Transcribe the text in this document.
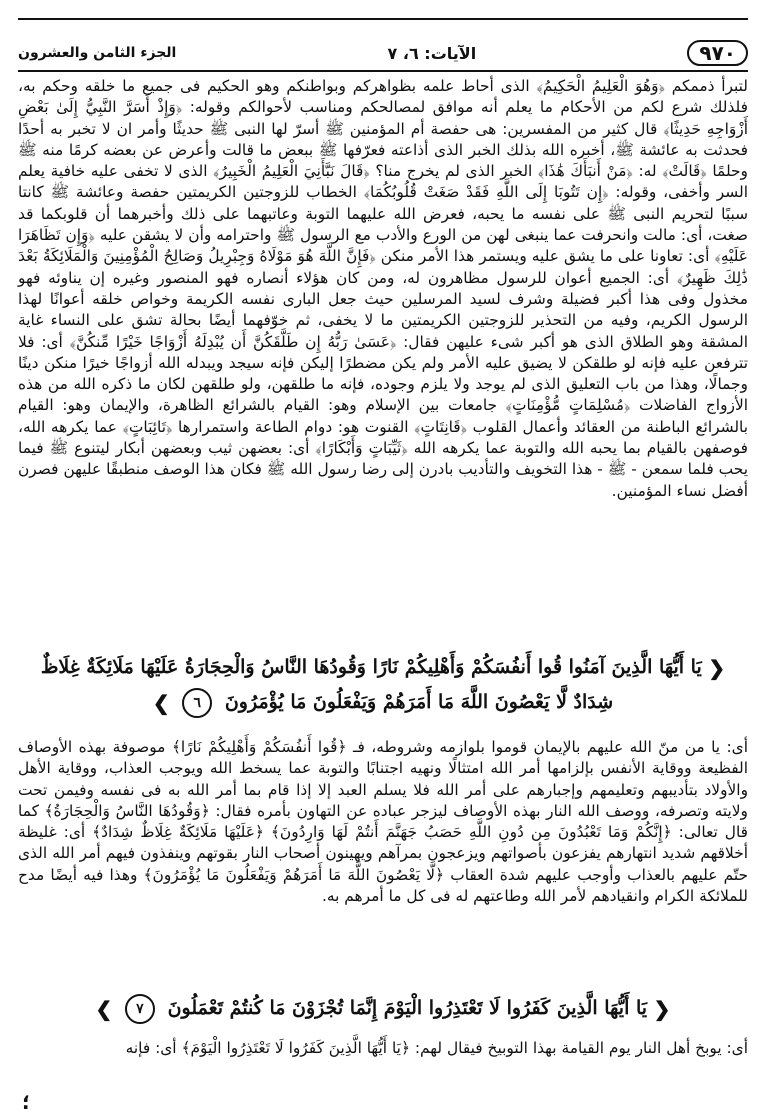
٩٧٠
الآيات: ٦، ٧
الجزء الثامن والعشرون

لتبرأ ذممكم ﴿وَهُوَ الْعَلِيمُ الْحَكِيمُ﴾ الذى أحاط علمه بظواهركم وبواطنكم وهو الحكيم فى جميع ما خلقه وحكم به، فلذلك شرع لكم من الأحكام ما يعلم أنه موافق لمصالحكم ومناسب لأحوالكم وقوله: ﴿وَإِذْ أَسَرَّ النَّبِيُّ إِلَىٰ بَعْضِ أَزْوَاجِهِ حَدِيثًا﴾ قال كثير من المفسرين: هى حفصة أم المؤمنين ﷺ أسرّ لها النبى ﷺ حديثًا وأمر ان لا تخبر به أحدًا فحدثت به عائشة ﷺ، أخبره الله بذلك الخبر الذى أذاعته فعرّفها ﷺ ببعض ما قالت وأعرض عن بعضه كرمًا منه ﷺ وحلمًا ﴿قَالَتْ﴾ له: ﴿مَنْ أَنبَأَكَ هَٰذَا﴾ الخبر الذى لم يخرج منا؟ ﴿قَالَ نَبَّأَنِيَ الْعَلِيمُ الْخَبِيرُ﴾ الذى لا تخفى عليه خافية يعلم السر وأخفى، وقوله: ﴿إِن تَتُوبَا إِلَى اللَّهِ فَقَدْ صَغَتْ قُلُوبُكُمَا﴾ الخطاب للزوجتين الكريمتين حفصة وعائشة ﷺ كانتا سببًا لتحريم النبى ﷺ على نفسه ما يحبه، فعرض الله عليهما التوبة وعاتبهما على ذلك وأخبرهما أن قلوبكما قد صغت، أى: مالت وانحرفت عما ينبغى لهن من الورع والأدب مع الرسول ﷺ واحترامه وأن لا يشقن عليه ﴿وَإِن تَظَاهَرَا عَلَيْهِ﴾ أى: تعاونا على ما يشق عليه ويستمر هذا الأمر منكن ﴿فَإِنَّ اللَّهَ هُوَ مَوْلَاهُ وَجِبْرِيلُ وَصَالِحُ الْمُؤْمِنِينَ وَالْمَلَائِكَةُ بَعْدَ ذَٰلِكَ ظَهِيرٌ﴾ أى: الجميع أعوان للرسول مظاهرون له، ومن كان هؤلاء أنصاره فهو المنصور وغيره إن يناوئه فهو مخذول وفى هذا أكبر فضيلة وشرف لسيد المرسلين حيث جعل البارى نفسه الكريمة وخواص خلقه أعوانًا لهذا الرسول الكريم، وفيه من التحذير للزوجتين الكريمتين ما لا يخفى، ثم خوّفهما أيضًا بحالة تشق على النساء غاية المشقة وهو الطلاق الذى هو أكبر شىء عليهن فقال: ﴿عَسَىٰ رَبُّهُ إِن طَلَّقَكُنَّ أَن يُبْدِلَهُ أَزْوَاجًا خَيْرًا مِّنكُنَّ﴾ أى: فلا تترفعن عليه فإنه لو طلقكن لا يضيق عليه الأمر ولم يكن مضطرًا إليكن فإنه سيجد ويبدله الله أزواجًا خيرًا منكن دينًا وجمالًا، وهذا من باب التعليق الذى لم يوجد ولا يلزم وجوده، فإنه ما طلقهن، ولو طلقهن لكان ما ذكره الله من هذه الأزواج الفاضلات ﴿مُسْلِمَاتٍ مُّؤْمِنَاتٍ﴾ جامعات بين الإسلام وهو: القيام بالشرائع الظاهرة، والإيمان وهو: القيام بالشرائع الباطنة من العقائد وأعمال القلوب ﴿قَانِتَاتٍ﴾ القنوت هو: دوام الطاعة واستمرارها ﴿تَائِبَاتٍ﴾ عما يكرهه الله، فوصفهن بالقيام بما يحبه الله والتوبة عما يكرهه الله ﴿ثَيِّبَاتٍ وَأَبْكَارًا﴾ أى: بعضهن ثيب وبعضهن أبكار ليتنوع ﷺ فيما يحب فلما سمعن - ﷺ - هذا التخويف والتأديب بادرن إلى رضا رسول الله ﷺ فكان هذا الوصف منطبقًا عليهن فصرن أفضل نساء المؤمنين.

❮ يَا أَيُّهَا الَّذِينَ آمَنُوا قُوا أَنفُسَكُمْ وَأَهْلِيكُمْ نَارًا وَقُودُهَا النَّاسُ وَالْحِجَارَةُ عَلَيْهَا مَلَائِكَةٌ غِلَاظٌ شِدَادٌ لَّا يَعْصُونَ اللَّهَ مَا أَمَرَهُمْ وَيَفْعَلُونَ مَا يُؤْمَرُونَ ٦ ❯

أى: يا من منّ الله عليهم بالإيمان قوموا بلوازمه وشروطه، فـ ﴿قُوا أَنفُسَكُمْ وَأَهْلِيكُمْ نَارًا﴾ موصوفة بهذه الأوصاف الفظيعة ووقاية الأنفس بإلزامها أمر الله امتثالًا ونهيه اجتنابًا والتوبة عما يسخط الله ويوجب العذاب، ووقاية الأهل والأولاد بتأديبهم وتعليمهم وإجبارهم على أمر الله فلا يسلم العبد إلا إذا قام بما أمر الله به فى نفسه وفيمن تحت ولايته وتصرفه، ووصف الله النار بهذه الأوصاف ليزجر عباده عن التهاون بأمره فقال: ﴿وَقُودُهَا النَّاسُ وَالْحِجَارَةُ﴾ كما قال تعالى: ﴿إِنَّكُمْ وَمَا تَعْبُدُونَ مِن دُونِ اللَّهِ حَصَبُ جَهَنَّمَ أَنتُمْ لَهَا وَارِدُونَ﴾ ﴿عَلَيْهَا مَلَائِكَةٌ غِلَاظٌ شِدَادٌ﴾ أى: غليظة أخلاقهم شديد انتهارهم يفزعون بأصواتهم ويزعجون بمرآهم ويهينون أصحاب النار بقوتهم وينفذون فيهم أمر الله الذى حتّم عليهم بالعذاب وأوجب عليهم شدة العقاب ﴿لَّا يَعْصُونَ اللَّهَ مَا أَمَرَهُمْ وَيَفْعَلُونَ مَا يُؤْمَرُونَ﴾ وهذا فيه أيضًا مدح للملائكة الكرام وانقيادهم لأمر الله وطاعتهم له فى كل ما أمرهم به.

❮ يَا أَيُّهَا الَّذِينَ كَفَرُوا لَا تَعْتَذِرُوا الْيَوْمَ إِنَّمَا تُجْزَوْنَ مَا كُنتُمْ تَعْمَلُونَ ٧ ❯

أى: يوبخ أهل النار يوم القيامة بهذا التوبيخ فيقال لهم: ﴿يَا أَيُّهَا الَّذِينَ كَفَرُوا لَا تَعْتَذِرُوا الْيَوْمَ﴾ أى: فإنه

؛
